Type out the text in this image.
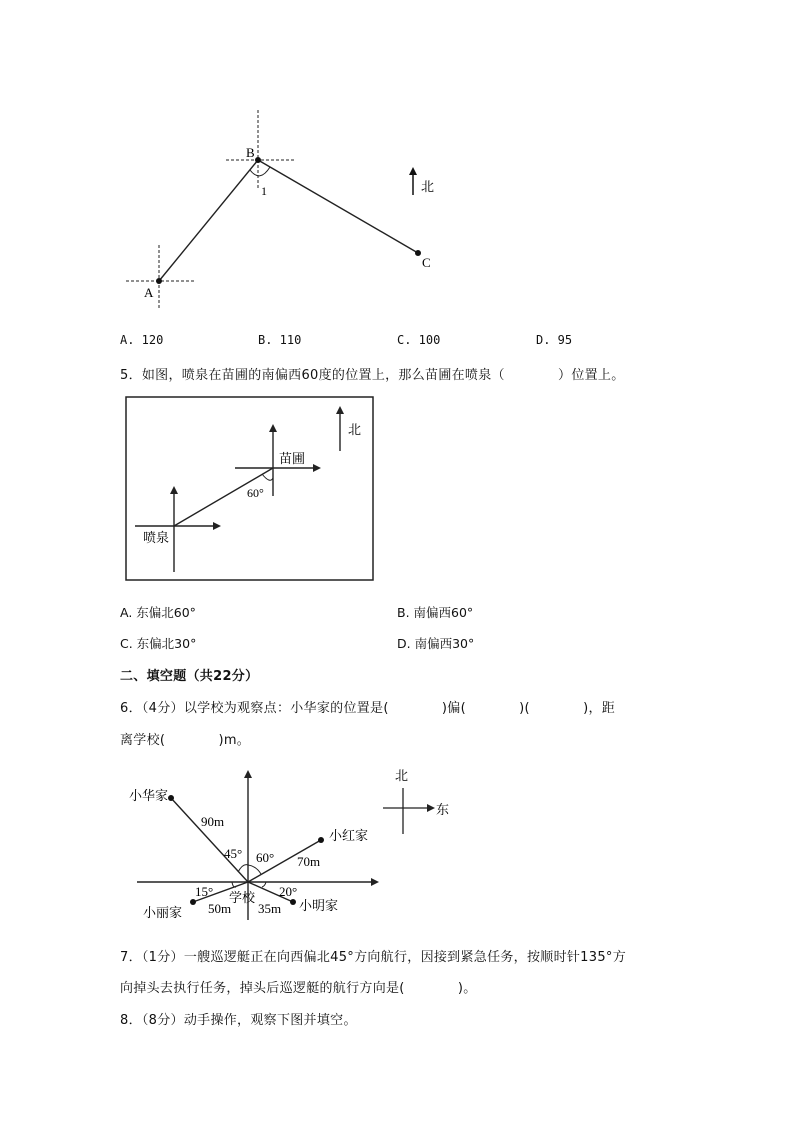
B
A
C
1	北
A. 120	B. 110	C. 100	D. 95
5．如图，喷泉在苗圃的南偏西60度的位置上，那么苗圃在喷泉（　　　　）位置上。
北
苗圃
60°
喷泉
A. 东偏北60°	B. 南偏西60°
C. 东偏北30°	D. 南偏西30°
二、填空题（共22分）
6．（4分）以学校为观察点：小华家的位置是(　　　　)偏(　　　　)(　　　　)，距
离学校(　　　　)m。
小华家
90m
小红家
70m
45° 60°
15° 学校 20°
小丽家 50m 35m 小明家
北
东
7．（1分）一艘巡逻艇正在向西偏北45°方向航行，因接到紧急任务，按顺时针135°方
向掉头去执行任务，掉头后巡逻艇的航行方向是(　　　　)。
8．（8分）动手操作，观察下图并填空。
